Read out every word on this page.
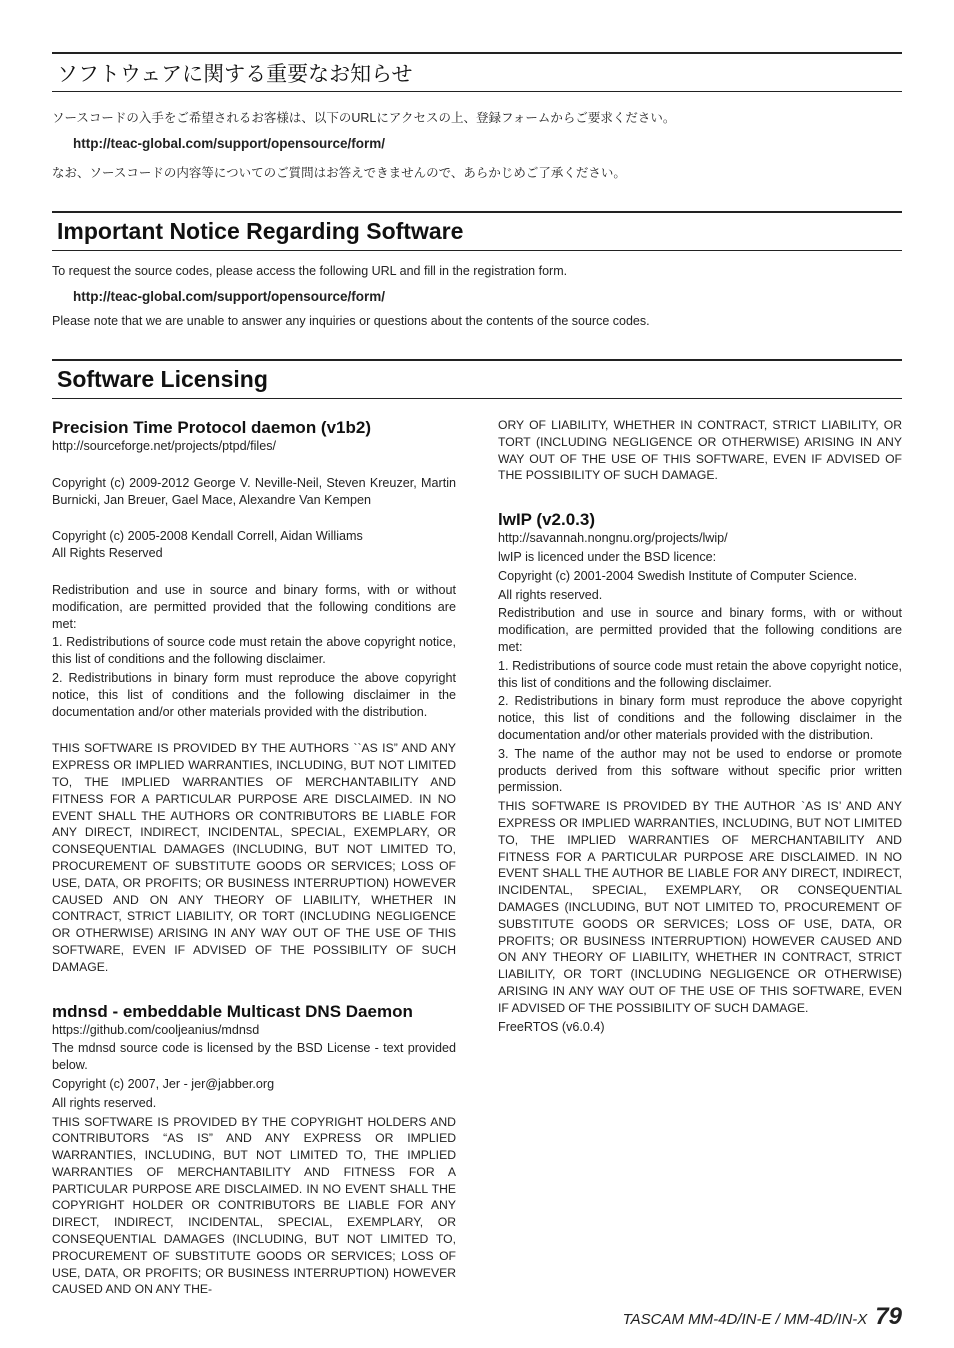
ソフトウェアに関する重要なお知らせ
ソースコードの入手をご希望されるお客様は、以下のURLにアクセスの上、登録フォームからご要求ください。
http://teac-global.com/support/opensource/form/
なお、ソースコードの内容等についてのご質問はお答えできませんので、あらかじめご了承ください。
Important Notice Regarding Software
To request the source codes, please access the following URL and fill in the registration form.
http://teac-global.com/support/opensource/form/
Please note that we are unable to answer any inquiries or questions about the contents of the source codes.
Software Licensing
Precision Time Protocol daemon (v1b2)

http://sourceforge.net/projects/ptpd/files/

Copyright (c) 2009-2012 George V. Neville-Neil, Steven Kreuzer, Martin Burnicki, Jan Breuer, Gael Mace, Alexandre Van Kempen

Copyright (c) 2005-2008 Kendall Correll, Aidan Williams

All Rights Reserved

Redistribution and use in source and binary forms, with or without modification, are permitted provided that the following conditions are met:

1. Redistributions of source code must retain the above copyright notice, this list of conditions and the following disclaimer.

2. Redistributions in binary form must reproduce the above copyright notice, this list of conditions and the following disclaimer in the documentation and/or other materials provided with the distribution.

THIS SOFTWARE IS PROVIDED BY THE AUTHORS ``AS IS” AND ANY EXPRESS OR IMPLIED WARRANTIES, INCLUDING, BUT NOT LIMITED TO, THE IMPLIED WARRANTIES OF MERCHANTABILITY AND FITNESS FOR A PARTICULAR PURPOSE ARE DISCLAIMED. IN NO EVENT SHALL THE AUTHORS OR CONTRIBUTORS BE LIABLE FOR ANY DIRECT, INDIRECT, INCIDENTAL, SPECIAL, EXEMPLARY, OR CONSEQUENTIAL DAMAGES (INCLUDING, BUT NOT LIMITED TO, PROCUREMENT OF SUBSTITUTE GOODS OR SERVICES; LOSS OF USE, DATA, OR PROFITS; OR BUSINESS INTERRUPTION) HOWEVER CAUSED AND ON ANY THEORY OF LIABILITY, WHETHER IN CONTRACT, STRICT LIABILITY, OR TORT (INCLUDING NEGLIGENCE OR OTHERWISE) ARISING IN ANY WAY OUT OF THE USE OF THIS SOFTWARE, EVEN IF ADVISED OF THE POSSIBILITY OF SUCH DAMAGE.

mdnsd - embeddable Multicast DNS Daemon

https://github.com/cooljeanius/mdnsd

The mdnsd source code is licensed by the BSD License - text provided below.

Copyright (c) 2007, Jer - jer@jabber.org

All rights reserved.

THIS SOFTWARE IS PROVIDED BY THE COPYRIGHT HOLDERS AND CONTRIBUTORS “AS IS” AND ANY EXPRESS OR IMPLIED WARRANTIES, INCLUDING, BUT NOT LIMITED TO, THE IMPLIED WARRANTIES OF MERCHANTABILITY AND FITNESS FOR A PARTICULAR PURPOSE ARE DISCLAIMED. IN NO EVENT SHALL THE COPYRIGHT HOLDER OR CONTRIBUTORS BE LIABLE FOR ANY DIRECT, INDIRECT, INCIDENTAL, SPECIAL, EXEMPLARY, OR CONSEQUENTIAL DAMAGES (INCLUDING, BUT NOT LIMITED TO, PROCUREMENT OF SUBSTITUTE GOODS OR SERVICES; LOSS OF USE, DATA, OR PROFITS; OR BUSINESS INTERRUPTION) HOWEVER CAUSED AND ON ANY THE-

ORY OF LIABILITY, WHETHER IN CONTRACT, STRICT LIABILITY, OR TORT (INCLUDING NEGLIGENCE OR OTHERWISE) ARISING IN ANY WAY OUT OF THE USE OF THIS SOFTWARE, EVEN IF ADVISED OF THE POSSIBILITY OF SUCH DAMAGE.

lwIP (v2.0.3)

http://savannah.nongnu.org/projects/lwip/

lwIP is licenced under the BSD licence:

Copyright (c) 2001-2004 Swedish Institute of Computer Science.

All rights reserved.

Redistribution and use in source and binary forms, with or without modification, are permitted provided that the following conditions are met:

1. Redistributions of source code must retain the above copyright notice, this list of conditions and the following disclaimer.

2. Redistributions in binary form must reproduce the above copyright notice, this list of conditions and the following disclaimer in the documentation and/or other materials provided with the distribution.

3. The name of the author may not be used to endorse or promote products derived from this software without specific prior written permission.

THIS SOFTWARE IS PROVIDED BY THE AUTHOR `AS IS’ AND ANY EXPRESS OR IMPLIED WARRANTIES, INCLUDING, BUT NOT LIMITED TO, THE IMPLIED WARRANTIES OF MERCHANTABILITY AND FITNESS FOR A PARTICULAR PURPOSE ARE DISCLAIMED. IN NO EVENT SHALL THE AUTHOR BE LIABLE FOR ANY DIRECT, INDIRECT, INCIDENTAL, SPECIAL, EXEMPLARY, OR CONSEQUENTIAL DAMAGES (INCLUDING, BUT NOT LIMITED TO, PROCUREMENT OF SUBSTITUTE GOODS OR SERVICES; LOSS OF USE, DATA, OR PROFITS; OR BUSINESS INTERRUPTION) HOWEVER CAUSED AND ON ANY THEORY OF LIABILITY, WHETHER IN CONTRACT, STRICT LIABILITY, OR TORT (INCLUDING NEGLIGENCE OR OTHERWISE) ARISING IN ANY WAY OUT OF THE USE OF THIS SOFTWARE, EVEN IF ADVISED OF THE POSSIBILITY OF SUCH DAMAGE.

FreeRTOS (v6.0.4)

TASCAM MM-4D/IN-E / MM-4D/IN-X 79
